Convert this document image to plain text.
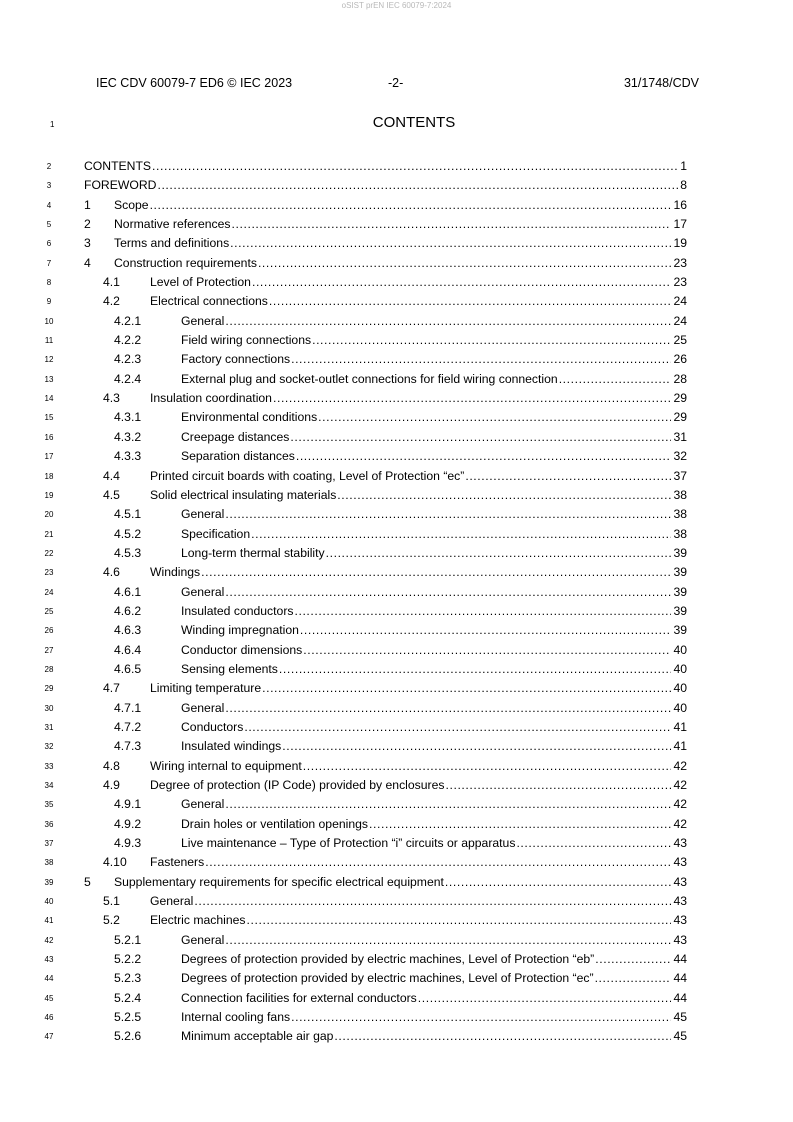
oSIST prEN IEC 60079-7:2024
IEC CDV 60079-7 ED6 © IEC 2023	-2-	31/1748/CDV
1	CONTENTS
2	CONTENTS .....	1
3	FOREWORD .....	8
4	1 Scope .....	16
5	2 Normative references .....	17
6	3 Terms and definitions .....	19
7	4 Construction requirements .....	23
8	4.1 Level of Protection .....	23
9	4.2 Electrical connections .....	24
10	4.2.1	General .....	24
11	4.2.2	Field wiring connections .....	25
12	4.2.3	Factory connections .....	26
13	4.2.4	External plug and socket-outlet connections for field wiring connection .....	28
14	4.3 Insulation coordination .....	29
15	4.3.1	Environmental conditions .....	29
16	4.3.2	Creepage distances .....	31
17	4.3.3	Separation distances .....	32
18	4.4 Printed circuit boards with coating, Level of Protection “ec” .....	37
19	4.5 Solid electrical insulating materials .....	38
20	4.5.1	General .....	38
21	4.5.2	Specification .....	38
22	4.5.3	Long-term thermal stability .....	39
23	4.6 Windings .....	39
24	4.6.1	General .....	39
25	4.6.2	Insulated conductors .....	39
26	4.6.3	Winding impregnation .....	39
27	4.6.4	Conductor dimensions .....	40
28	4.6.5	Sensing elements .....	40
29	4.7 Limiting temperature .....	40
30	4.7.1	General .....	40
31	4.7.2	Conductors .....	41
32	4.7.3	Insulated windings .....	41
33	4.8 Wiring internal to equipment .....	42
34	4.9 Degree of protection (IP Code) provided by enclosures .....	42
35	4.9.1	General .....	42
36	4.9.2	Drain holes or ventilation openings .....	42
37	4.9.3	Live maintenance – Type of Protection “i” circuits or apparatus .....	43
38	4.10 Fasteners .....	43
39	5 Supplementary requirements for specific electrical equipment .....	43
40	5.1 General .....	43
41	5.2 Electric machines .....	43
42	5.2.1	General .....	43
43	5.2.2	Degrees of protection provided by electric machines, Level of Protection “eb” .....	44
44	5.2.3	Degrees of protection provided by electric machines, Level of Protection “ec” .....	44
45	5.2.4	Connection facilities for external conductors .....	44
46	5.2.5	Internal cooling fans .....	45
47	5.2.6	Minimum acceptable air gap .....	45
